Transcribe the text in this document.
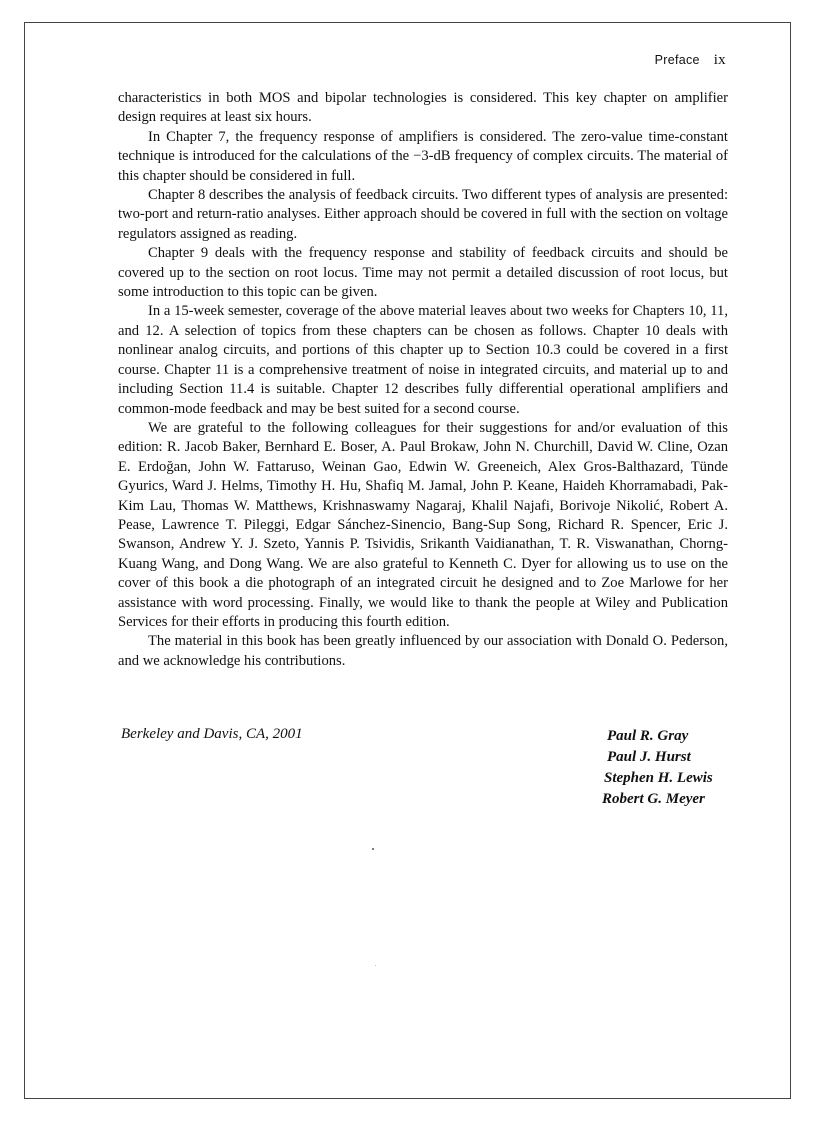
Preface ix

characteristics in both MOS and bipolar technologies is considered. This key chapter on amplifier design requires at least six hours.

In Chapter 7, the frequency response of amplifiers is considered. The zero-value time-constant technique is introduced for the calculations of the −3-dB frequency of complex circuits. The material of this chapter should be considered in full.

Chapter 8 describes the analysis of feedback circuits. Two different types of analysis are presented: two-port and return-ratio analyses. Either approach should be covered in full with the section on voltage regulators assigned as reading.

Chapter 9 deals with the frequency response and stability of feedback circuits and should be covered up to the section on root locus. Time may not permit a detailed discussion of root locus, but some introduction to this topic can be given.

In a 15-week semester, coverage of the above material leaves about two weeks for Chapters 10, 11, and 12. A selection of topics from these chapters can be chosen as follows. Chapter 10 deals with nonlinear analog circuits, and portions of this chapter up to Section 10.3 could be covered in a first course. Chapter 11 is a comprehensive treatment of noise in integrated circuits, and material up to and including Section 11.4 is suitable. Chapter 12 describes fully differential operational amplifiers and common-mode feedback and may be best suited for a second course.

We are grateful to the following colleagues for their suggestions for and/or evaluation of this edition: R. Jacob Baker, Bernhard E. Boser, A. Paul Brokaw, John N. Churchill, David W. Cline, Ozan E. Erdoğan, John W. Fattaruso, Weinan Gao, Edwin W. Greeneich, Alex Gros-Balthazard, Tünde Gyurics, Ward J. Helms, Timothy H. Hu, Shafiq M. Jamal, John P. Keane, Haideh Khorramabadi, Pak-Kim Lau, Thomas W. Matthews, Krishnaswamy Nagaraj, Khalil Najafi, Borivoje Nikolić, Robert A. Pease, Lawrence T. Pileggi, Edgar Sánchez-Sinencio, Bang-Sup Song, Richard R. Spencer, Eric J. Swanson, Andrew Y. J. Szeto, Yannis P. Tsividis, Srikanth Vaidianathan, T. R. Viswanathan, Chorng-Kuang Wang, and Dong Wang. We are also grateful to Kenneth C. Dyer for allowing us to use on the cover of this book a die photograph of an integrated circuit he designed and to Zoe Marlowe for her assistance with word processing. Finally, we would like to thank the people at Wiley and Publication Services for their efforts in producing this fourth edition.

The material in this book has been greatly influenced by our association with Donald O. Pederson, and we acknowledge his contributions.

Berkeley and Davis, CA, 2001	Paul R. Gray
Paul J. Hurst
Stephen H. Lewis
Robert G. Meyer
